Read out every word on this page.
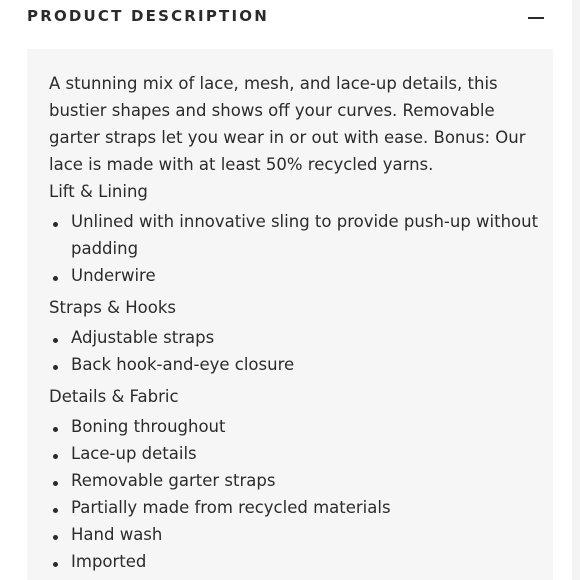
PRODUCT DESCRIPTION

A stunning mix of lace, mesh, and lace-up details, this bustier shapes and shows off your curves. Removable garter straps let you wear in or out with ease. Bonus: Our lace is made with at least 50% recycled yarns.

Lift & Lining
Unlined with innovative sling to provide push-up without padding
Underwire
Straps & Hooks
Adjustable straps
Back hook-and-eye closure
Details & Fabric
Boning throughout
Lace-up details
Removable garter straps
Partially made from recycled materials
Hand wash
Imported
